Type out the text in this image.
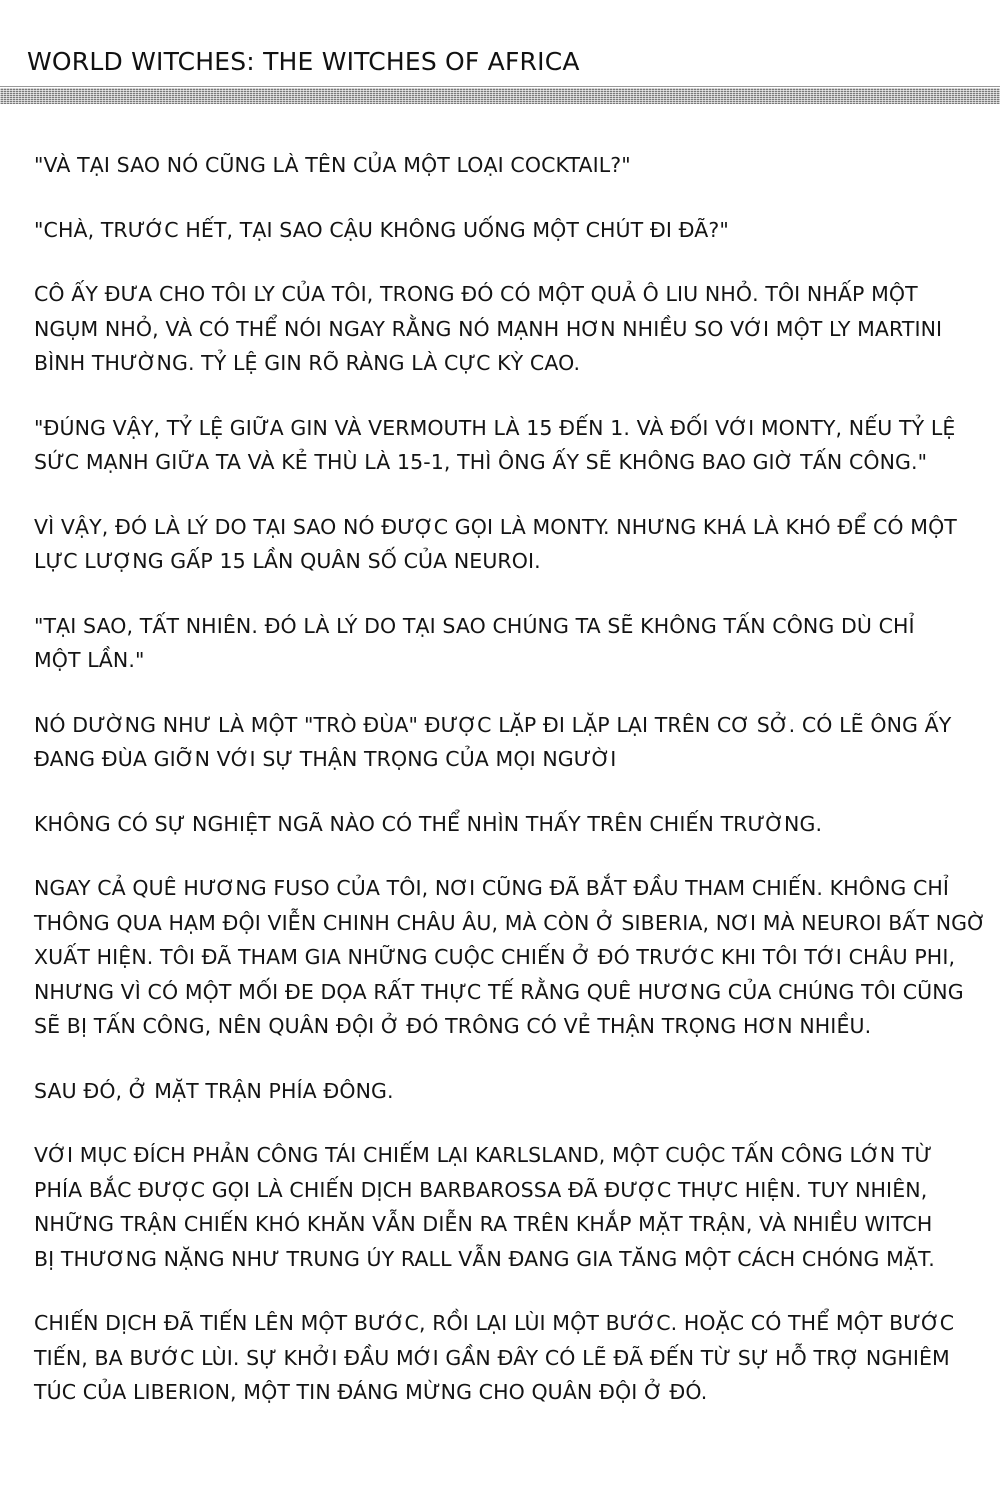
WORLD WITCHES: THE WITCHES OF AFRICA

"VÀ TẠI SAO NÓ CŨNG LÀ TÊN CỦA MỘT LOẠI COCKTAIL?"

"CHÀ, TRƯỚC HẾT, TẠI SAO CẬU KHÔNG UỐNG MỘT CHÚT ĐI ĐÃ?"

CÔ ẤY ĐƯA CHO TÔI LY CỦA TÔI, TRONG ĐÓ CÓ MỘT QUẢ Ô LIU NHỎ. TÔI NHẤP MỘT
NGỤM NHỎ, VÀ CÓ THỂ NÓI NGAY RẰNG NÓ MẠNH HƠN NHIỀU SO VỚI MỘT LY MARTINI
BÌNH THƯỜNG. TỶ LỆ GIN RÕ RÀNG LÀ CỰC KỲ CAO.

"ĐÚNG VẬY, TỶ LỆ GIỮA GIN VÀ VERMOUTH LÀ 15 ĐẾN 1. VÀ ĐỐI VỚI MONTY, NẾU TỶ LỆ
SỨC MẠNH GIỮA TA VÀ KẺ THÙ LÀ 15-1, THÌ ÔNG ẤY SẼ KHÔNG BAO GIỜ TẤN CÔNG."

VÌ VẬY, ĐÓ LÀ LÝ DO TẠI SAO NÓ ĐƯỢC GỌI LÀ MONTY. NHƯNG KHÁ LÀ KHÓ ĐỂ CÓ MỘT
LỰC LƯỢNG GẤP 15 LẦN QUÂN SỐ CỦA NEUROI.

"TẠI SAO, TẤT NHIÊN. ĐÓ LÀ LÝ DO TẠI SAO CHÚNG TA SẼ KHÔNG TẤN CÔNG DÙ CHỈ
MỘT LẦN."

NÓ DƯỜNG NHƯ LÀ MỘT "TRÒ ĐÙA" ĐƯỢC LẶP ĐI LẶP LẠI TRÊN CƠ SỞ. CÓ LẼ ÔNG ẤY
ĐANG ĐÙA GIỠN VỚI SỰ THẬN TRỌNG CỦA MỌI NGƯỜI

KHÔNG CÓ SỰ NGHIỆT NGÃ NÀO CÓ THỂ NHÌN THẤY TRÊN CHIẾN TRƯỜNG.

NGAY CẢ QUÊ HƯƠNG FUSO CỦA TÔI, NƠI CŨNG ĐÃ BẮT ĐẦU THAM CHIẾN. KHÔNG CHỈ
THÔNG QUA HẠM ĐỘI VIỄN CHINH CHÂU ÂU, MÀ CÒN Ở SIBERIA, NƠI MÀ NEUROI BẤT NGỜ
XUẤT HIỆN. TÔI ĐÃ THAM GIA NHỮNG CUỘC CHIẾN Ở ĐÓ TRƯỚC KHI TÔI TỚI CHÂU PHI,
NHƯNG VÌ CÓ MỘT MỐI ĐE DỌA RẤT THỰC TẾ RẰNG QUÊ HƯƠNG CỦA CHÚNG TÔI CŨNG
SẼ BỊ TẤN CÔNG, NÊN QUÂN ĐỘI Ở ĐÓ TRÔNG CÓ VẺ THẬN TRỌNG HƠN NHIỀU.

SAU ĐÓ, Ở MẶT TRẬN PHÍA ĐÔNG.

VỚI MỤC ĐÍCH PHẢN CÔNG TÁI CHIẾM LẠI KARLSLAND, MỘT CUỘC TẤN CÔNG LỚN TỪ
PHÍA BẮC ĐƯỢC GỌI LÀ CHIẾN DỊCH BARBAROSSA ĐÃ ĐƯỢC THỰC HIỆN. TUY NHIÊN,
NHỮNG TRẬN CHIẾN KHÓ KHĂN VẪN DIỄN RA TRÊN KHẮP MẶT TRẬN, VÀ NHIỀU WITCH
BỊ THƯƠNG NẶNG NHƯ TRUNG ÚY RALL VẪN ĐANG GIA TĂNG MỘT CÁCH CHÓNG MẶT.

CHIẾN DỊCH ĐÃ TIẾN LÊN MỘT BƯỚC, RỒI LẠI LÙI MỘT BƯỚC. HOẶC CÓ THỂ MỘT BƯỚC
TIẾN, BA BƯỚC LÙI. SỰ KHỞI ĐẦU MỚI GẦN ĐÂY CÓ LẼ ĐÃ ĐẾN TỪ SỰ HỖ TRỢ NGHIÊM
TÚC CỦA LIBERION, MỘT TIN ĐÁNG MỪNG CHO QUÂN ĐỘI Ở ĐÓ.
